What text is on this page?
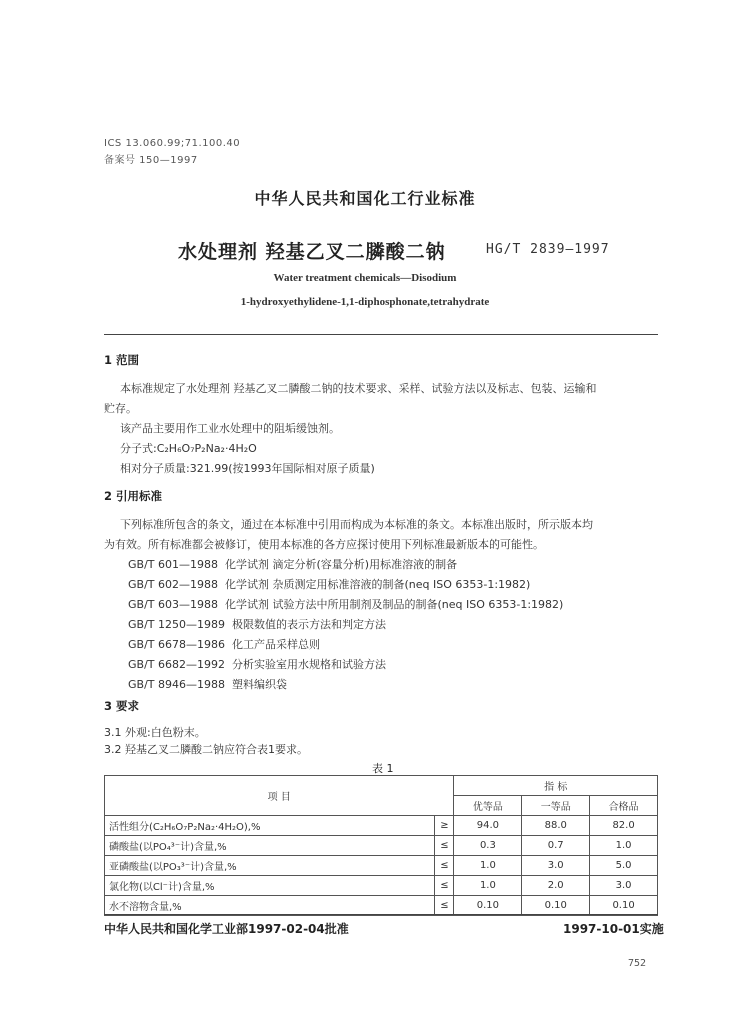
ICS 13.060.99;71.100.40
备案号 150—1997
中华人民共和国化工行业标准
水处理剂 羟基乙叉二膦酸二钠	HG/T 2839—1997
Water treatment chemicals—Disodium
1-hydroxyethylidene-1,1-diphosphonate,tetrahydrate
1 范围
本标准规定了水处理剂 羟基乙叉二膦酸二钠的技术要求、采样、试验方法以及标志、包装、运输和
贮存。
该产品主要用作工业水处理中的阻垢缓蚀剂。
分子式:C₂H₆O₇P₂Na₂·4H₂O
相对分子质量:321.99(按1993年国际相对原子质量)
2 引用标准
下列标准所包含的条文，通过在本标准中引用而构成为本标准的条文。本标准出版时，所示版本均
为有效。所有标准都会被修订，使用本标准的各方应探讨使用下列标准最新版本的可能性。
GB/T 601—1988 化学试剂 滴定分析(容量分析)用标准溶液的制备
GB/T 602—1988 化学试剂 杂质测定用标准溶液的制备(neq ISO 6353-1:1982)
GB/T 603—1988 化学试剂 试验方法中所用制剂及制品的制备(neq ISO 6353-1:1982)
GB/T 1250—1989 极限数值的表示方法和判定方法
GB/T 6678—1986 化工产品采样总则
GB/T 6682—1992 分析实验室用水规格和试验方法
GB/T 8946—1988 塑料编织袋
3 要求
3.1 外观:白色粉末。
3.2 羟基乙叉二膦酸二钠应符合表1要求。
表 1
项 目		指 标		
		优等品	一等品	合格品
活性组分(C₂H₆O₇P₂Na₂·4H₂O),%	≥	94.0	88.0	82.0
磷酸盐(以PO₄³⁻计)含量,%	≤	0.3	0.7	1.0
亚磷酸盐(以PO₃³⁻计)含量,%	≤	1.0	3.0	5.0
氯化物(以Cl⁻计)含量,%	≤	1.0	2.0	3.0
水不溶物含量,%	≤	0.10	0.10	0.10
中华人民共和国化学工业部1997-02-04批准	1997-10-01实施
752
